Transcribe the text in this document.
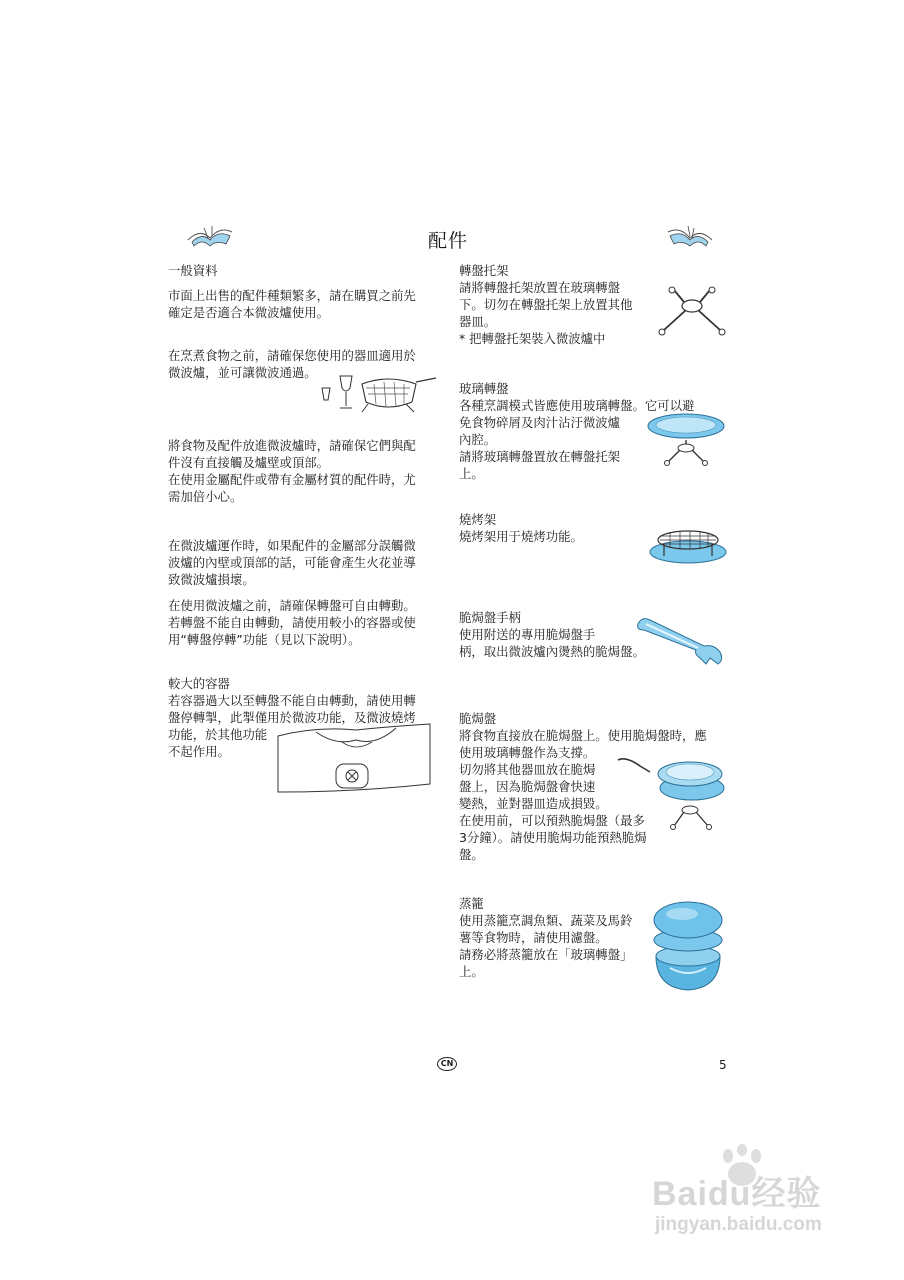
配件
一般資料
市面上出售的配件種類繁多，請在購買之前先
確定是否適合本微波爐使用。
在烹煮食物之前，請確保您使用的器皿適用於
微波爐，並可讓微波通過。
將食物及配件放進微波爐時，請確保它們與配
件沒有直接觸及爐壁或頂部。
在使用金屬配件或帶有金屬材質的配件時，尤
需加倍小心。
在微波爐運作時，如果配件的金屬部分誤觸微
波爐的內壁或頂部的話，可能會產生火花並導
致微波爐損壞。
在使用微波爐之前，請確保轉盤可自由轉動。
若轉盤不能自由轉動，請使用較小的容器或使
用“轉盤停轉”功能（見以下說明）。
較大的容器
若容器過大以至轉盤不能自由轉動，請使用轉
盤停轉掣，此掣僅用於微波功能，及微波燒烤
功能，於其他功能
不起作用。
轉盤托架
請將轉盤托架放置在玻璃轉盤
下。切勿在轉盤托架上放置其他
器皿。
* 把轉盤托架裝入微波爐中
玻璃轉盤
各種烹調模式皆應使用玻璃轉盤。它可以避
免食物碎屑及肉汁沾汙微波爐
內腔。
請將玻璃轉盤置放在轉盤托架
上。
燒烤架
燒烤架用于燒烤功能。
脆焗盤手柄
使用附送的專用脆焗盤手
柄，取出微波爐內燙熱的脆焗盤。
脆焗盤
將食物直接放在脆焗盤上。使用脆焗盤時，應
使用玻璃轉盤作為支撐。
切勿將其他器皿放在脆焗
盤上，因為脆焗盤會快速
變熱，並對器皿造成損毀。
在使用前，可以預熱脆焗盤（最多
3分鐘）。請使用脆焗功能預熱脆焗
盤。
蒸籠
使用蒸籠烹調魚類、蔬菜及馬鈴
薯等食物時，請使用濾盤。
請務必將蒸籠放在「玻璃轉盤」
上。
CN	5
Baidu经验
jingyan.baidu.com
